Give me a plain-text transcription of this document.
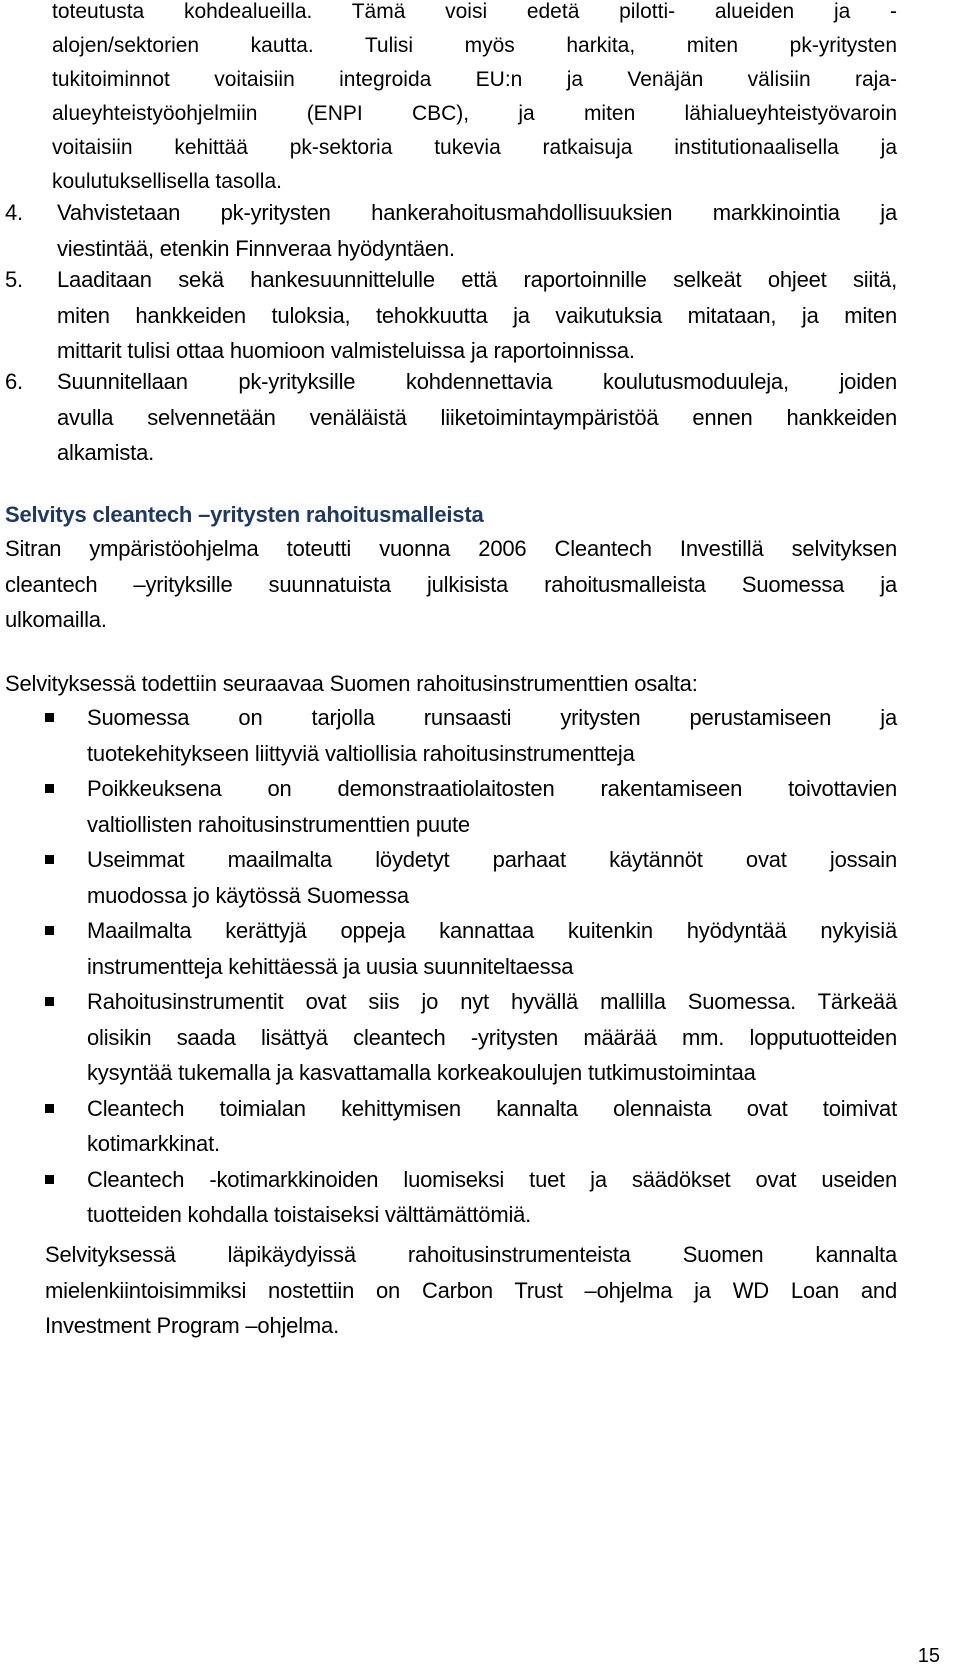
toteutusta kohdealueilla. Tämä voisi edetä pilotti- alueiden ja -
alojen/sektorien kautta. Tulisi myös harkita, miten pk-yritysten
tukitoiminnot voitaisiin integroida EU:n ja Venäjän välisiin raja-
alueyhteistyöohjelmiin (ENPI CBC), ja miten lähialueyhteistyövaroin
voitaisiin kehittää pk-sektoria tukevia ratkaisuja institutionaalisella ja
koulutuksellisella tasolla.
4. Vahvistetaan pk-yritysten hankerahoitusmahdollisuuksien markkinointia ja
viestintää, etenkin Finnveraa hyödyntäen.
5. Laaditaan sekä hankesuunnittelulle että raportoinnille selkeät ohjeet siitä,
miten hankkeiden tuloksia, tehokkuutta ja vaikutuksia mitataan, ja miten
mittarit tulisi ottaa huomioon valmisteluissa ja raportoinnissa.
6. Suunnitellaan pk-yrityksille kohdennettavia koulutusmoduuleja, joiden
avulla selvennetään venäläistä liiketoimintaympäristöä ennen hankkeiden
alkamista.
Selvitys cleantech –yritysten rahoitusmalleista
Sitran ympäristöohjelma toteutti vuonna 2006 Cleantech Investillä selvityksen
cleantech –yrityksille suunnatuista julkisista rahoitusmalleista Suomessa ja
ulkomailla.
Selvityksessä todettiin seuraavaa Suomen rahoitusinstrumenttien osalta:
Suomessa on tarjolla runsaasti yritysten perustamiseen ja
tuotekehitykseen liittyviä valtiollisia rahoitusinstrumentteja
Poikkeuksena on demonstraatiolaitosten rakentamiseen toivottavien
valtiollisten rahoitusinstrumenttien puute
Useimmat maailmalta löydetyt parhaat käytännöt ovat jossain
muodossa jo käytössä Suomessa
Maailmalta kerättyjä oppeja kannattaa kuitenkin hyödyntää nykyisiä
instrumentteja kehittäessä ja uusia suunniteltaessa
Rahoitusinstrumentit ovat siis jo nyt hyvällä mallilla Suomessa. Tärkeää
olisikin saada lisättyä cleantech -yritysten määrää mm. lopputuotteiden
kysyntää tukemalla ja kasvattamalla korkeakoulujen tutkimustoimintaa
Cleantech toimialan kehittymisen kannalta olennaista ovat toimivat
kotimarkkinat.
Cleantech -kotimarkkinoiden luomiseksi tuet ja säädökset ovat useiden
tuotteiden kohdalla toistaiseksi välttämättömiä.
Selvityksessä läpikäydyissä rahoitusinstrumenteista Suomen kannalta
mielenkiintoisimmiksi nostettiin on Carbon Trust –ohjelma ja WD Loan and
Investment Program –ohjelma.
15
